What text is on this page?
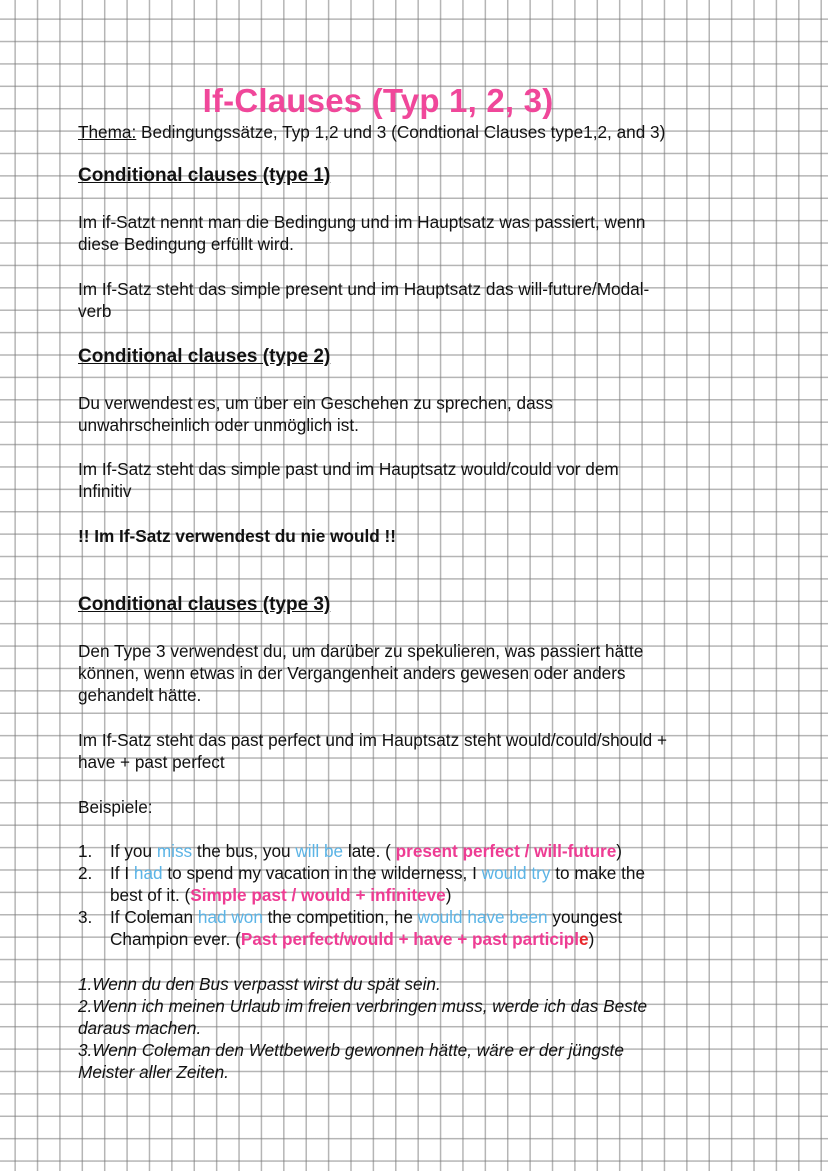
If-Clauses (Typ 1, 2, 3)
Thema: Bedingungssätze, Typ 1,2 und 3 (Condtional Clauses type1,2, and 3)
Conditional clauses (type 1)
Im if-Satzt nennt man die Bedingung und im Hauptsatz was passiert, wenn
diese Bedingung erfüllt wird.
Im If-Satz steht das simple present und im Hauptsatz das will-future/Modal-
verb
Conditional clauses (type 2)
Du verwendest es, um über ein Geschehen zu sprechen, dass
unwahrscheinlich oder unmöglich ist.
Im If-Satz steht das simple past und im Hauptsatz would/could vor dem
Infinitiv
!! Im If-Satz verwendest du nie would !!
Conditional clauses (type 3)
Den Type 3 verwendest du, um darüber zu spekulieren, was passiert hätte
können, wenn etwas in der Vergangenheit anders gewesen oder anders
gehandelt hätte.
Im If-Satz steht das past perfect und im Hauptsatz steht would/could/should +
have + past perfect
Beispiele:
1. If you miss the bus, you will be late. ( present perfect / will-future)
2. If I had to spend my vacation in the wilderness, I would try to make the
best of it. (Simple past / would + infiniteve)
3. If Coleman had won the competition, he would have been youngest
Champion ever. (Past perfect/would + have + past participle)
1.Wenn du den Bus verpasst wirst du spät sein.
2.Wenn ich meinen Urlaub im freien verbringen muss, werde ich das Beste
daraus machen.
3.Wenn Coleman den Wettbewerb gewonnen hätte, wäre er der jüngste
Meister aller Zeiten.
